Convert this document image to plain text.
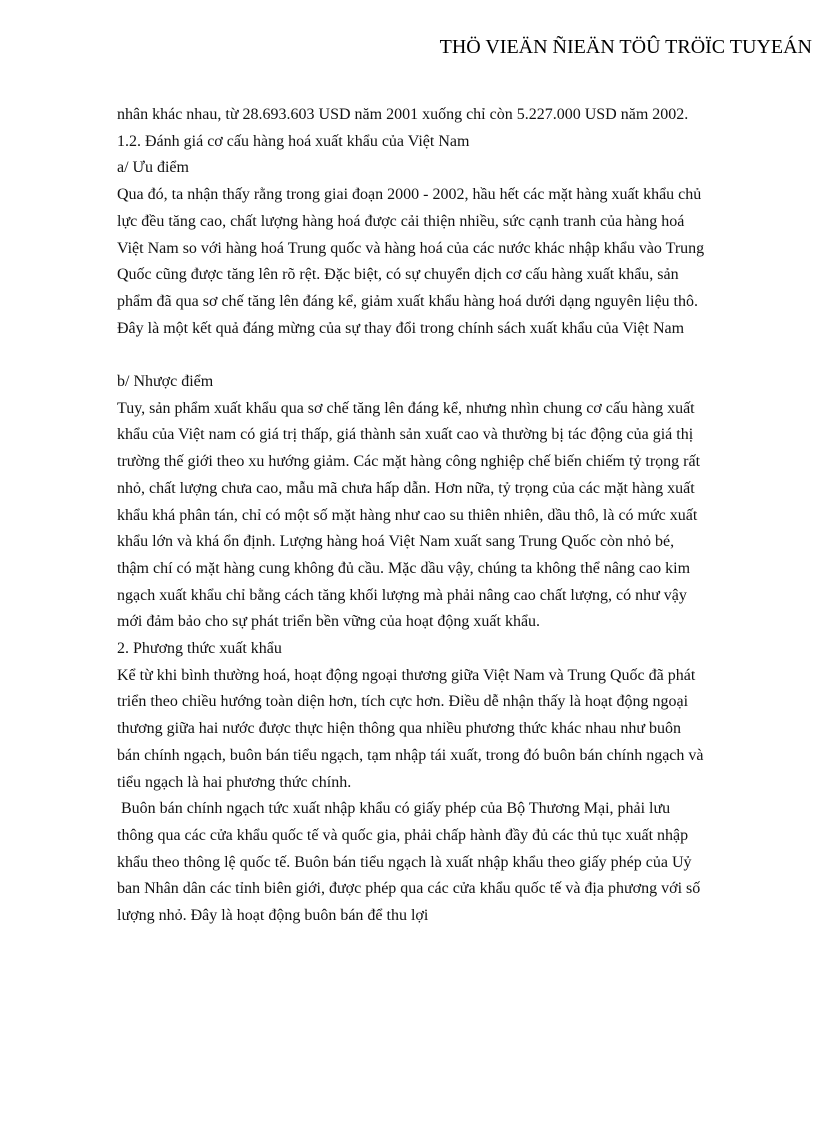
THÖ VIEÄN ÑIEÄN TÖÛ TRÖÏC TUYEÁN

nhân khác nhau, từ 28.693.603 USD năm 2001 xuống chỉ còn 5.227.000 USD năm 2002.

1.2. Đánh giá cơ cấu hàng hoá xuất khẩu của Việt Nam

a/ Ưu điểm

Qua đó, ta nhận thấy rằng trong giai đoạn 2000 - 2002, hầu hết các mặt hàng xuất khẩu chủ lực đều tăng cao, chất lượng hàng hoá được cải thiện nhiều, sức cạnh tranh của hàng hoá Việt Nam so với hàng hoá Trung quốc và hàng hoá của các nước khác nhập khẩu vào Trung Quốc cũng được tăng lên rõ rệt. Đặc biệt, có sự chuyển dịch cơ cấu hàng xuất khẩu, sản phẩm đã qua sơ chế tăng lên đáng kể, giảm xuất khẩu hàng hoá dưới dạng nguyên liệu thô. Đây là một kết quả đáng mừng của sự thay đổi trong chính sách xuất khẩu của Việt Nam

b/ Nhược điểm

Tuy, sản phẩm xuất khẩu qua sơ chế tăng lên đáng kể, nhưng nhìn chung cơ cấu hàng xuất khẩu của Việt nam có giá trị thấp, giá thành sản xuất cao và thường bị tác động của giá thị trường thế giới theo xu hướng giảm. Các mặt hàng công nghiệp chế biến chiếm tỷ trọng rất nhỏ, chất lượng chưa cao, mẫu mã chưa hấp dẫn. Hơn nữa, tỷ trọng của các mặt hàng xuất khẩu khá phân tán, chỉ có một số mặt hàng như cao su thiên nhiên, dầu thô, là có mức xuất khẩu lớn và khá ổn định. Lượng hàng hoá Việt Nam xuất sang Trung Quốc còn nhỏ bé, thậm chí có mặt hàng cung không đủ cầu. Mặc dầu vậy, chúng ta không thể nâng cao kim ngạch xuất khẩu chỉ bằng cách tăng khối lượng mà phải nâng cao chất lượng, có như vậy mới đảm bảo cho sự phát triển bền vững của hoạt động xuất khẩu.

2. Phương thức xuất khẩu

Kể từ khi bình thường hoá, hoạt động ngoại thương giữa Việt Nam và Trung Quốc đã phát triển theo chiều hướng toàn diện hơn, tích cực hơn. Điều dễ nhận thấy là hoạt động ngoại thương giữa hai nước được thực hiện thông qua nhiều phương thức khác nhau như buôn bán chính ngạch, buôn bán tiểu ngạch, tạm nhập tái xuất, trong đó buôn bán chính ngạch và tiểu ngạch là hai phương thức chính.

Buôn bán chính ngạch tức xuất nhập khẩu có giấy phép của Bộ Thương Mại, phải lưu thông qua các cửa khẩu quốc tế và quốc gia, phải chấp hành đầy đủ các thủ tục xuất nhập khẩu theo thông lệ quốc tế. Buôn bán tiểu ngạch là xuất nhập khẩu theo giấy phép của Uỷ ban Nhân dân các tỉnh biên giới, được phép qua các cửa khẩu quốc tế và địa phương với số lượng nhỏ. Đây là hoạt động buôn bán để thu lợi
